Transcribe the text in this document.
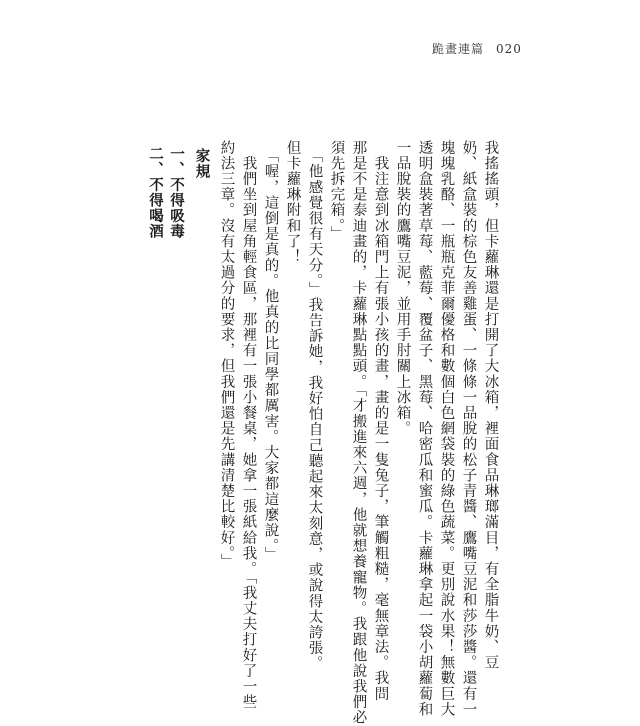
跪畫連篇 020
我搖搖頭，但卡蘿琳還是打開了大冰箱，裡面食品琳瑯滿目，有全脂牛奶、豆
奶、紙盒裝的棕色友善雞蛋、一條條一品脫的松子青醬、鷹嘴豆泥和莎莎醬。還有一
塊塊乳酪、一瓶瓶克菲爾優格和數個白色網袋裝的綠色蔬菜。更別說水果！無數巨大
透明盒裝著草莓、藍莓、覆盆子、黑莓、哈密瓜和蜜瓜。卡蘿琳拿起一袋小胡蘿蔔和
一品脫裝的鷹嘴豆泥，並用手肘關上冰箱。
　我注意到冰箱門上有張小孩的畫，畫的是一隻兔子，筆觸粗糙，毫無章法。我問
那是不是泰迪畫的，卡蘿琳點點頭。「才搬進來六週，他就想養寵物。我跟他說我們必
須先拆完箱。」
　「他感覺很有天分。」我告訴她，我好怕自己聽起來太刻意，或說得太誇張。
但卡蘿琳附和了！
　「喔，這倒是真的。他真的比同學都厲害。大家都這麼說。」
　我們坐到屋角輕食區，那裡有一張小餐桌，她拿一張紙給我。「我丈夫打好了一些
約法三章。沒有太過分的要求，但我們還是先講清楚比較好。」
家規
一、不得吸毒
二、不得喝酒
